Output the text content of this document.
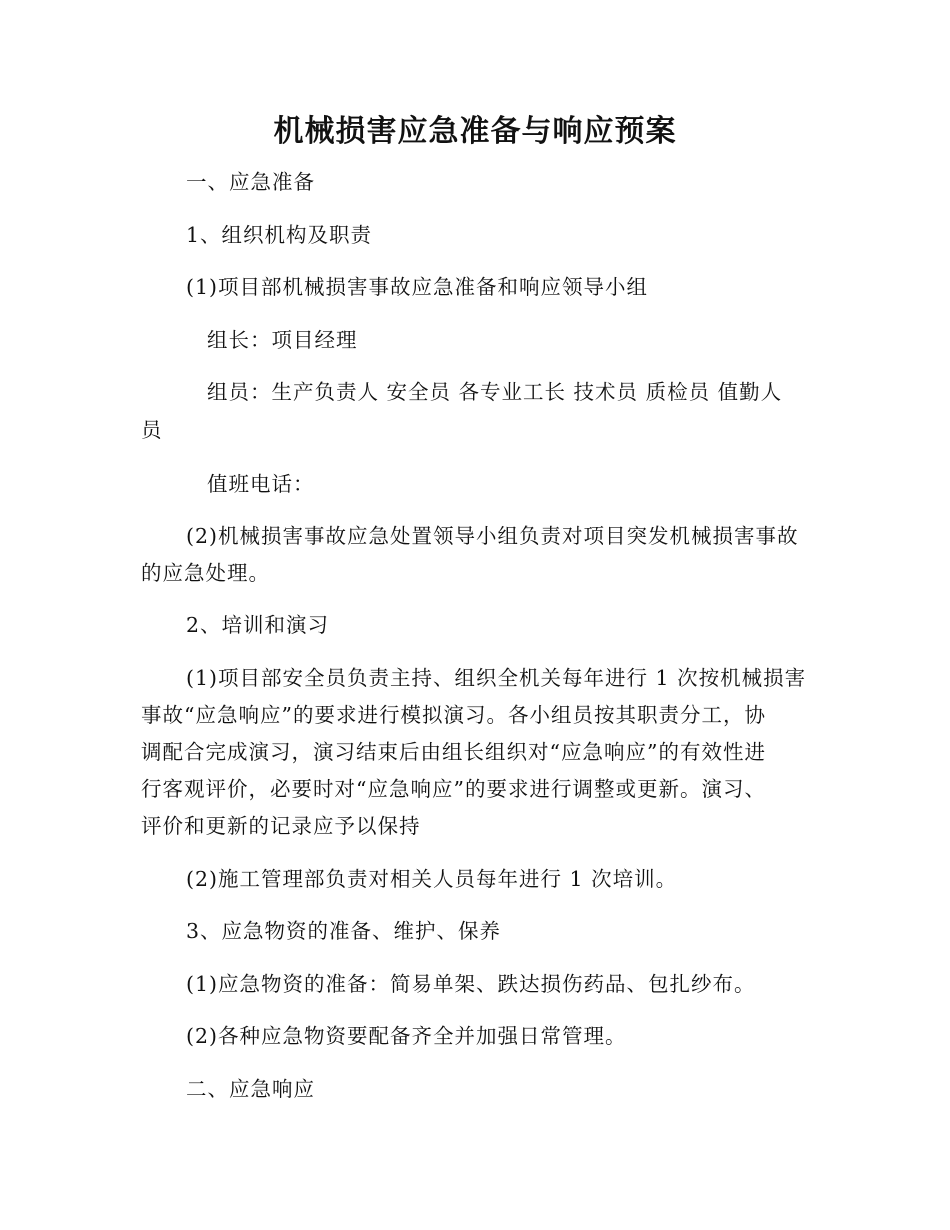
机械损害应急准备与响应预案
一、应急准备
1、组织机构及职责
(1)项目部机械损害事故应急准备和响应领导小组
组长：项目经理
组员：生产负责人 安全员 各专业工长 技术员 质检员 值勤人
员
值班电话：
(2)机械损害事故应急处置领导小组负责对项目突发机械损害事故
的应急处理。
2、培训和演习
(1)项目部安全员负责主持、组织全机关每年进行 1 次按机械损害
事故“应急响应”的要求进行模拟演习。各小组员按其职责分工，协
调配合完成演习，演习结束后由组长组织对“应急响应”的有效性进
行客观评价，必要时对“应急响应”的要求进行调整或更新。演习、
评价和更新的记录应予以保持
(2)施工管理部负责对相关人员每年进行 1 次培训。
3、应急物资的准备、维护、保养
(1)应急物资的准备：简易单架、跌达损伤药品、包扎纱布。
(2)各种应急物资要配备齐全并加强日常管理。
二、应急响应
